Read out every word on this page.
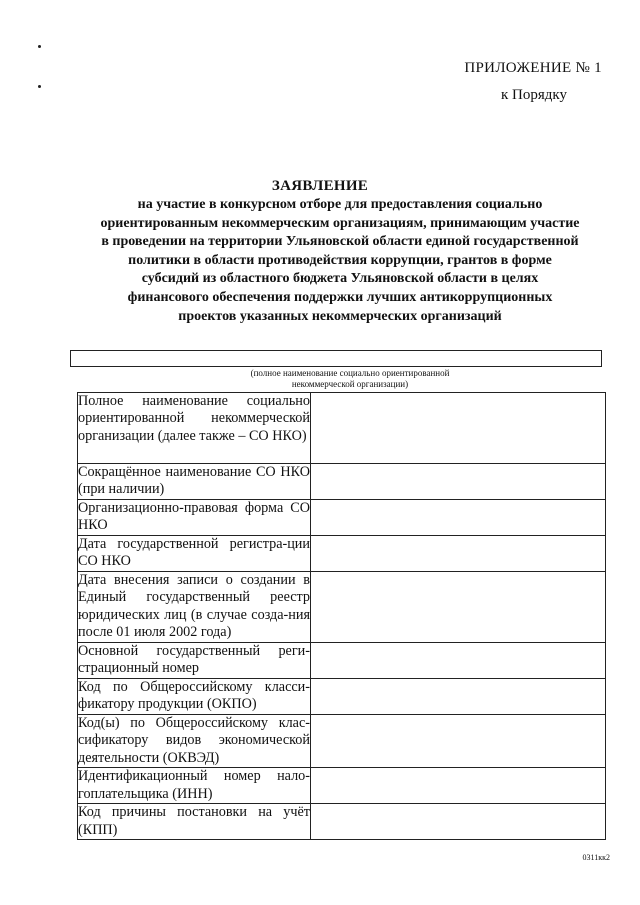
ПРИЛОЖЕНИЕ № 1
к Порядку
ЗАЯВЛЕНИЕ
на участие в конкурсном отборе для предоставления социально
ориентированным некоммерческим организациям, принимающим участие
в проведении на территории Ульяновской области единой государственной
политики в области противодействия коррупции, грантов в форме
субсидий из областного бюджета Ульяновской области в целях
финансового обеспечения поддержки лучших антикоррупционных
проектов указанных некоммерческих организаций
(полное наименование социально ориентированной
некоммерческой организации)
Полное наименование социально ориентированной некоммерческой организации (далее также – СО НКО)	
Сокращённое наименование СО НКО (при наличии)	
Организационно-правовая форма СО НКО	
Дата государственной регистра-ции СО НКО	
Дата внесения записи о создании в Единый государственный реестр юридических лиц (в случае созда-ния после 01 июля 2002 года)	
Основной государственный реги-страционный номер	
Код по Общероссийскому класси-фикатору продукции (ОКПО)	
Код(ы) по Общероссийскому клас-сификатору видов экономической деятельности (ОКВЭД)	
Идентификационный номер нало-гоплательщика (ИНН)	
Код причины постановки на учёт (КПП)	
0311кк2
